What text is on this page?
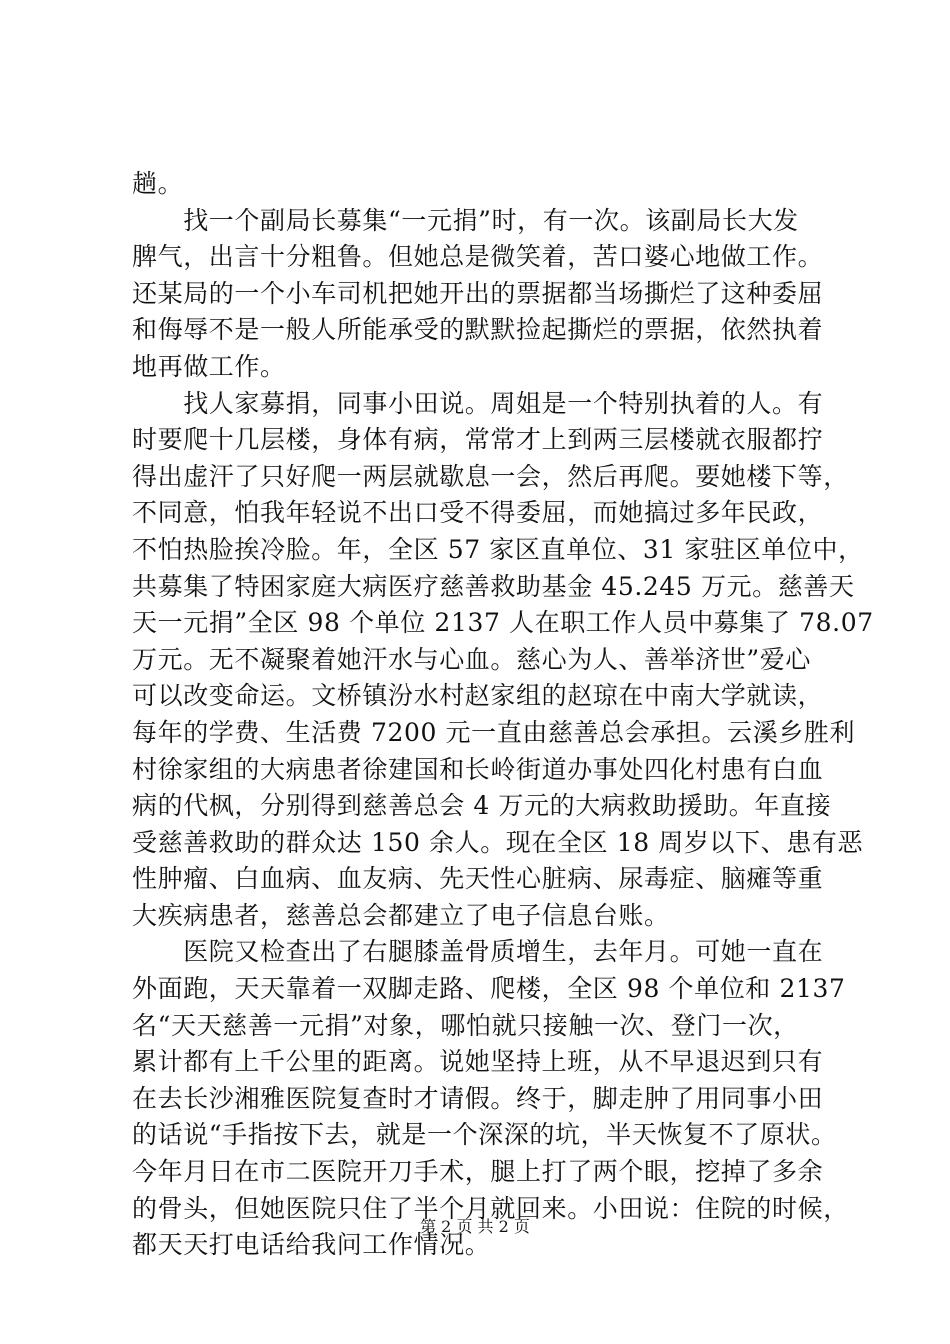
趟。
　　找一个副局长募集“一元捐”时，有一次。该副局长大发
脾气，出言十分粗鲁。但她总是微笑着，苦口婆心地做工作。
还某局的一个小车司机把她开出的票据都当场撕烂了这种委屈
和侮辱不是一般人所能承受的默默捡起撕烂的票据，依然执着
地再做工作。
　　找人家募捐，同事小田说。周姐是一个特别执着的人。有
时要爬十几层楼，身体有病，常常才上到两三层楼就衣服都拧
得出虚汗了只好爬一两层就歇息一会，然后再爬。要她楼下等，
不同意，怕我年轻说不出口受不得委屈，而她搞过多年民政，
不怕热脸挨冷脸。年，全区 57 家区直单位、31 家驻区单位中，
共募集了特困家庭大病医疗慈善救助基金 45.245 万元。慈善天
天一元捐”全区 98 个单位 2137 人在职工作人员中募集了 78.07
万元。无不凝聚着她汗水与心血。慈心为人、善举济世”爱心
可以改变命运。文桥镇汾水村赵家组的赵琼在中南大学就读，
每年的学费、生活费 7200 元一直由慈善总会承担。云溪乡胜利
村徐家组的大病患者徐建国和长岭街道办事处四化村患有白血
病的代枫，分别得到慈善总会 4 万元的大病救助援助。年直接
受慈善救助的群众达 150 余人。现在全区 18 周岁以下、患有恶
性肿瘤、白血病、血友病、先天性心脏病、尿毒症、脑瘫等重
大疾病患者，慈善总会都建立了电子信息台账。
　　医院又检查出了右腿膝盖骨质增生，去年月。可她一直在
外面跑，天天靠着一双脚走路、爬楼，全区 98 个单位和 2137
名“天天慈善一元捐”对象，哪怕就只接触一次、登门一次，
累计都有上千公里的距离。说她坚持上班，从不早退迟到只有
在去长沙湘雅医院复查时才请假。终于，脚走肿了用同事小田
的话说“手指按下去，就是一个深深的坑，半天恢复不了原状。
今年月日在市二医院开刀手术，腿上打了两个眼，挖掉了多余
的骨头，但她医院只住了半个月就回来。小田说：住院的时候，
都天天打电话给我问工作情况。
第 2 页 共 2 页
